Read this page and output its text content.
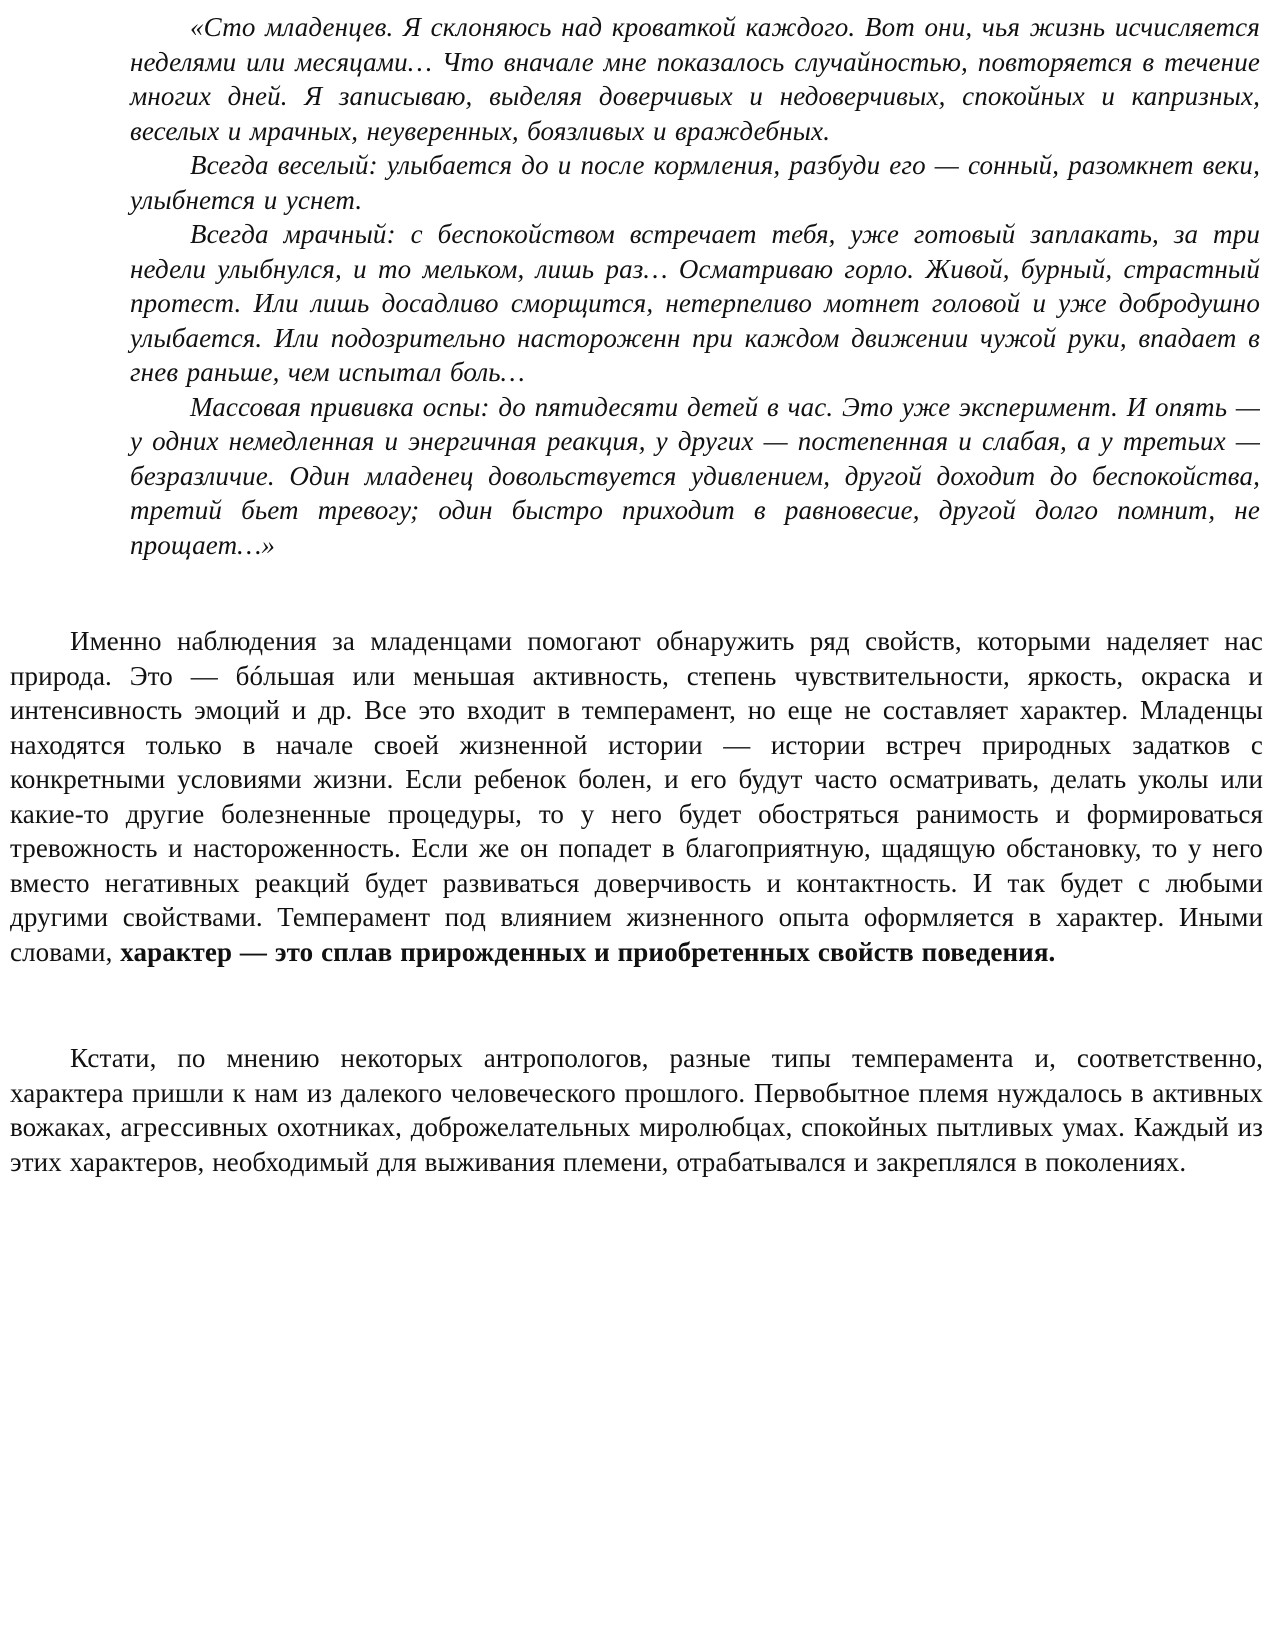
«Сто младенцев. Я склоняюсь над кроваткой каждого. Вот они, чья жизнь исчисляется неделями или месяцами… Что вначале мне показалось случайностью, повторяется в течение многих дней. Я записываю, выделяя доверчивых и недоверчивых, спокойных и капризных, веселых и мрачных, неуверенных, боязливых и враждебных.

Всегда веселый: улыбается до и после кормления, разбуди его — сонный, разомкнет веки, улыбнется и уснет.

Всегда мрачный: с беспокойством встречает тебя, уже готовый заплакать, за три недели улыбнулся, и то мельком, лишь раз… Осматриваю горло. Живой, бурный, страстный протест. Или лишь досадливо сморщится, нетерпеливо мотнет головой и уже добродушно улыбается. Или подозрительно настороженн при каждом движении чужой руки, впадает в гнев раньше, чем испытал боль…

Массовая прививка оспы: до пятидесяти детей в час. Это уже эксперимент. И опять — у одних немедленная и энергичная реакция, у других — постепенная и слабая, а у третьих — безразличие. Один младенец довольствуется удивлением, другой доходит до беспокойства, третий бьет тревогу; один быстро приходит в равновесие, другой долго помнит, не прощает…»

Именно наблюдения за младенцами помогают обнаружить ряд свойств, которыми наделяет нас природа. Это — бóльшая или меньшая активность, степень чувствительности, яркость, окраска и интенсивность эмоций и др. Все это входит в темперамент, но еще не составляет характер. Младенцы находятся только в начале своей жизненной истории — истории встреч природных задатков с конкретными условиями жизни. Если ребенок болен, и его будут часто осматривать, делать уколы или какие-то другие болезненные процедуры, то у него будет обостряться ранимость и формироваться тревожность и настороженность. Если же он попадет в благоприятную, щадящую обстановку, то у него вместо негативных реакций будет развиваться доверчивость и контактность. И так будет с любыми другими свойствами. Темперамент под влиянием жизненного опыта оформляется в характер. Иными словами, характер — это сплав прирожденных и приобретенных свойств поведения.

Кстати, по мнению некоторых антропологов, разные типы темперамента и, соответственно, характера пришли к нам из далекого человеческого прошлого. Первобытное племя нуждалось в активных вожаках, агрессивных охотниках, доброжелательных миролюбцах, спокойных пытливых умах. Каждый из этих характеров, необходимый для выживания племени, отрабатывался и закреплялся в поколениях.
